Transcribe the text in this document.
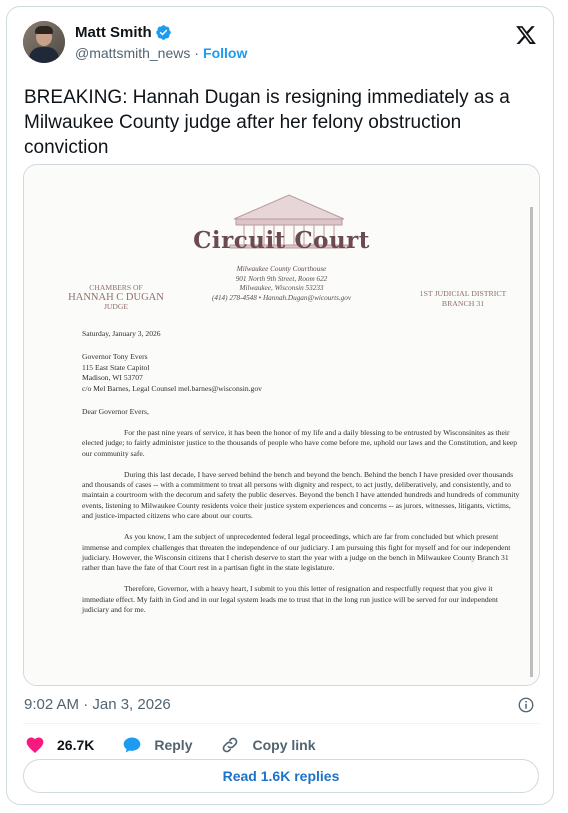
Matt Smith
@mattsmith_news · Follow
BREAKING: Hannah Dugan is resigning immediately as a Milwaukee County judge after her felony obstruction conviction
Circuit Court
Milwaukee County Courthouse
901 North 9th Street, Room 622
Milwaukee, Wisconsin 53233
(414) 278-4548 • Hannah.Dugan@wicourts.gov
CHAMBERS OF
HANNAH C DUGAN
JUDGE
1ST JUDICIAL DISTRICT
BRANCH 31

Saturday, January 3, 2026

Governor Tony Evers

115 East State Capitol

Madison, WI 53707

c/o Mel Barnes, Legal Counsel mel.barnes@wisconsin.gov

Dear Governor Evers,

For the past nine years of service, it has been the honor of my life and a daily blessing to be entrusted by Wisconsinites as their elected judge; to fairly administer justice to the thousands of people who have come before me, uphold our laws and the Constitution, and keep our community safe.

During this last decade, I have served behind the bench and beyond the bench. Behind the bench I have presided over thousands and thousands of cases -- with a commitment to treat all persons with dignity and respect, to act justly, deliberatively, and consistently, and to maintain a courtroom with the decorum and safety the public deserves. Beyond the bench I have attended hundreds and hundreds of community events, listening to Milwaukee County residents voice their justice system experiences and concerns -- as jurors, witnesses, litigants, victims, and justice-impacted citizens who care about our courts.

As you know, I am the subject of unprecedented federal legal proceedings, which are far from concluded but which present immense and complex challenges that threaten the independence of our judiciary. I am pursuing this fight for myself and for our independent judiciary. However, the Wisconsin citizens that I cherish deserve to start the year with a judge on the bench in Milwaukee County Branch 31 rather than have the fate of that Court rest in a partisan fight in the state legislature.

Therefore, Governor, with a heavy heart, I submit to you this letter of resignation and respectfully request that you give it immediate effect. My faith in God and in our legal system leads me to trust that in the long run justice will be served for our independent judiciary and for me.

9:02 AM · Jan 3, 2026
26.7K	Reply	Copy link
Read 1.6K replies
